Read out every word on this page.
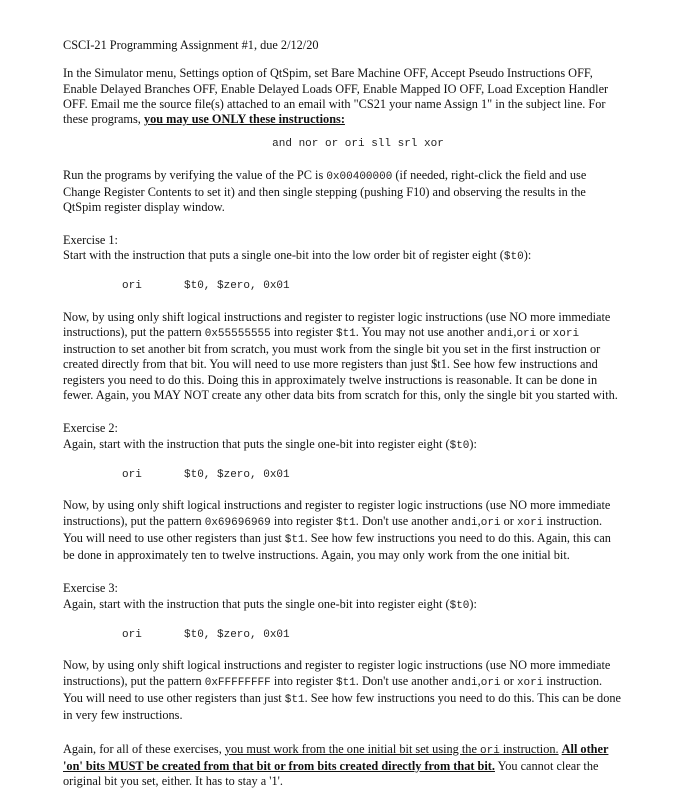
CSCI-21 Programming Assignment #1, due 2/12/20

In the Simulator menu, Settings option of QtSpim, set Bare Machine OFF, Accept Pseudo Instructions OFF, Enable Delayed Branches OFF, Enable Delayed Loads OFF, Enable Mapped IO OFF, Load Exception Handler OFF. Email me the source file(s) attached to an email with "CS21 your name Assign 1" in the subject line. For these programs, you may use ONLY these instructions:

and nor or ori sll srl xor

Run the programs by verifying the value of the PC is 0x00400000 (if needed, right-click the field and use Change Register Contents to set it) and then single stepping (pushing F10) and observing the results in the QtSpim register display window.

Exercise 1:

Start with the instruction that puts a single one-bit into the low order bit of register eight ($t0):

ori	$t0, $zero, 0x01

Now, by using only shift logical instructions and register to register logic instructions (use NO more immediate instructions), put the pattern 0x55555555 into register $t1. You may not use another andi,ori or xori instruction to set another bit from scratch, you must work from the single bit you set in the first instruction or created directly from that bit. You will need to use more registers than just $t1. See how few instructions and registers you need to do this. Doing this in approximately twelve instructions is reasonable. It can be done in fewer. Again, you MAY NOT create any other data bits from scratch for this, only the single bit you started with.

Exercise 2:

Again, start with the instruction that puts the single one-bit into register eight ($t0):

ori	$t0, $zero, 0x01

Now, by using only shift logical instructions and register to register logic instructions (use NO more immediate instructions), put the pattern 0x69696969 into register $t1. Don't use another andi,ori or xori instruction. You will need to use other registers than just $t1. See how few instructions you need to do this. Again, this can be done in approximately ten to twelve instructions. Again, you may only work from the one initial bit.

Exercise 3:

Again, start with the instruction that puts the single one-bit into register eight ($t0):

ori	$t0, $zero, 0x01

Now, by using only shift logical instructions and register to register logic instructions (use NO more immediate instructions), put the pattern 0xFFFFFFFF into register $t1. Don't use another andi,ori or xori instruction. You will need to use other registers than just $t1. See how few instructions you need to do this. This can be done in very few instructions.

Again, for all of these exercises, you must work from the one initial bit set using the ori instruction. All other 'on' bits MUST be created from that bit or from bits created directly from that bit. You cannot clear the original bit you set, either. It has to stay a '1'.
